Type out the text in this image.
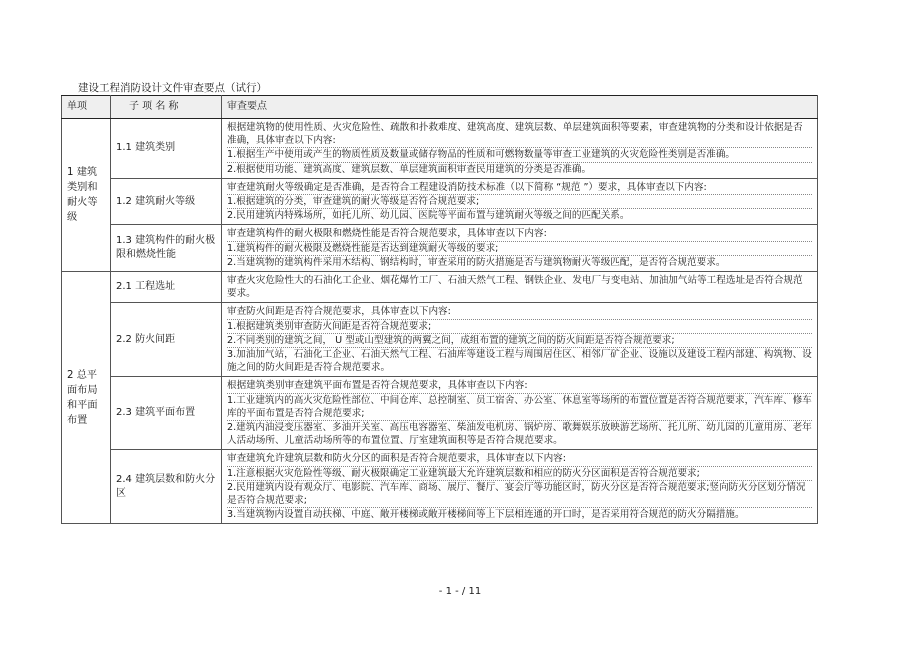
建设工程消防设计文件审查要点（试行）
单项	子 项 名 称	审查要点
1 建筑类别和耐火等级	1.1 建筑类别	根据建筑物的使用性质、火灾危险性、疏散和扑救难度、建筑高度、建筑层数、单层建筑面积等要素，审查建筑物的分类和设计依据是否准确，具体审查以下内容:
1.根据生产中使用或产生的物质性质及数量或储存物品的性质和可燃物数量等审查工业建筑的火灾危险性类别是否准确。
2.根据使用功能、建筑高度、建筑层数、单层建筑面积审查民用建筑的分类是否准确。

	1.2 建筑耐火等级	审查建筑耐火等级确定是否准确，是否符合工程建设消防技术标准（以下简称 “规范 ”）要求，具体审查以下内容:
1.根据建筑的分类，审查建筑的耐火等级是否符合规范要求;
2.民用建筑内特殊场所，如托儿所、幼儿园、医院等平面布置与建筑耐火等级之间的匹配关系。

	1.3 建筑构件的耐火极限和燃烧性能	审查建筑构件的耐火极限和燃烧性能是否符合规范要求，具体审查以下内容:
1.建筑构件的耐火极限及燃烧性能是否达到建筑耐火等级的要求;
2.当建筑物的建筑构件采用木结构、钢结构时，审查采用的防火措施是否与建筑物耐火等级匹配，是否符合规范要求。

2 总平面布局和平面布置	2.1 工程选址	审查火灾危险性大的石油化工企业、烟花爆竹工厂、石油天然气工程、钢铁企业、发电厂与变电站、加油加气站等工程选址是否符合规范要求。

	2.2 防火间距	审查防火间距是否符合规范要求，具体审查以下内容:
1.根据建筑类别审查防火间距是否符合规范要求;
2.不同类别的建筑之间， U 型或山型建筑的两翼之间，成组布置的建筑之间的防火间距是否符合规范要求;
3.加油加气站，石油化工企业、石油天然气工程、石油库等建设工程与周围居住区、相邻厂矿企业、设施以及建设工程内部建、构筑物、设施之间的防火间距是否符合规范要求。

	2.3 建筑平面布置	根据建筑类别审查建筑平面布置是否符合规范要求，具体审查以下内容:
1.工业建筑内的高火灾危险性部位、中间仓库、总控制室、员工宿舍、办公室、休息室等场所的布置位置是否符合规范要求，汽车库、修车库的平面布置是否符合规范要求;
2.建筑内油浸变压器室、多油开关室、高压电容器室、柴油发电机房、锅炉房、歌舞娱乐放映游艺场所、托儿所、幼儿园的儿童用房、老年人活动场所、儿童活动场所等的布置位置、厅室建筑面积等是否符合规范要求。

	2.4 建筑层数和防火分区	审查建筑允许建筑层数和防火分区的面积是否符合规范要求，具体审查以下内容:
1.注意根据火灾危险性等级、耐火极限确定工业建筑最大允许建筑层数和相应的防火分区面积是否符合规范要求;
2.民用建筑内设有观众厅、电影院、汽车库、商场、展厅、餐厅、宴会厅等功能区时，防火分区是否符合规范要求;竖向防火分区划分情况是否符合规范要求;
3.当建筑物内设置自动扶梯、中庭、敞开楼梯或敞开楼梯间等上下层相连通的开口时，是否采用符合规范的防火分隔措施。
- 1 - / 11
